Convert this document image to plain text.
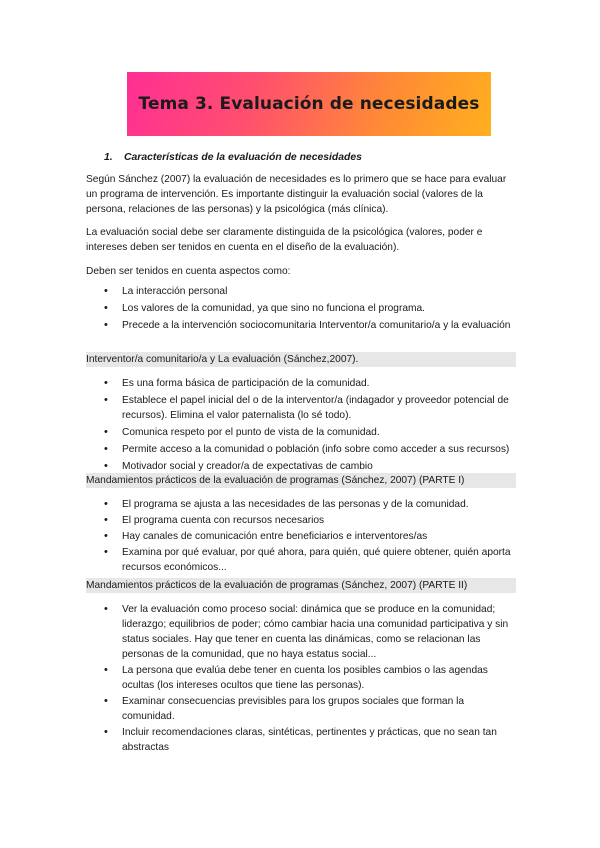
Tema 3. Evaluación de necesidades
1. Características de la evaluación de necesidades

Según Sánchez (2007) la evaluación de necesidades es lo primero que se hace para evaluar un programa de intervención. Es importante distinguir la evaluación social (valores de la persona, relaciones de las personas) y la psicológica (más clínica).

La evaluación social debe ser claramente distinguida de la psicológica (valores, poder e intereses deben ser tenidos en cuenta en el diseño de la evaluación).

Deben ser tenidos en cuenta aspectos como:

• La interacción personal
• Los valores de la comunidad, ya que sino no funciona el programa.
• Precede a la intervención sociocomunitaria Interventor/a comunitario/a y la evaluación
Interventor/a comunitario/a y La evaluación (Sánchez,2007).
• Es una forma básica de participación de la comunidad.
• Establece el papel inicial del o de la interventor/a (indagador y proveedor potencial de recursos). Elimina el valor paternalista (lo sé todo).
• Comunica respeto por el punto de vista de la comunidad.
• Permite acceso a la comunidad o población (info sobre como acceder a sus recursos)
• Motivador social y creador/a de expectativas de cambio
Mandamientos prácticos de la evaluación de programas (Sánchez, 2007) (PARTE I)
• El programa se ajusta a las necesidades de las personas y de la comunidad.
• El programa cuenta con recursos necesarios
• Hay canales de comunicación entre beneficiarios e interventores/as
• Examina por qué evaluar, por qué ahora, para quién, qué quiere obtener, quién aporta recursos económicos...
Mandamientos prácticos de la evaluación de programas (Sánchez, 2007) (PARTE II)
• Ver la evaluación como proceso social: dinámica que se produce en la comunidad; liderazgo; equilibrios de poder; cómo cambiar hacia una comunidad participativa y sin status sociales. Hay que tener en cuenta las dinámicas, como se relacionan las personas de la comunidad, que no haya estatus social...
• La persona que evalúa debe tener en cuenta los posibles cambios o las agendas ocultas (los intereses ocultos que tiene las personas).
• Examinar consecuencias previsibles para los grupos sociales que forman la comunidad.
• Incluir recomendaciones claras, sintéticas, pertinentes y prácticas, que no sean tan abstractas
